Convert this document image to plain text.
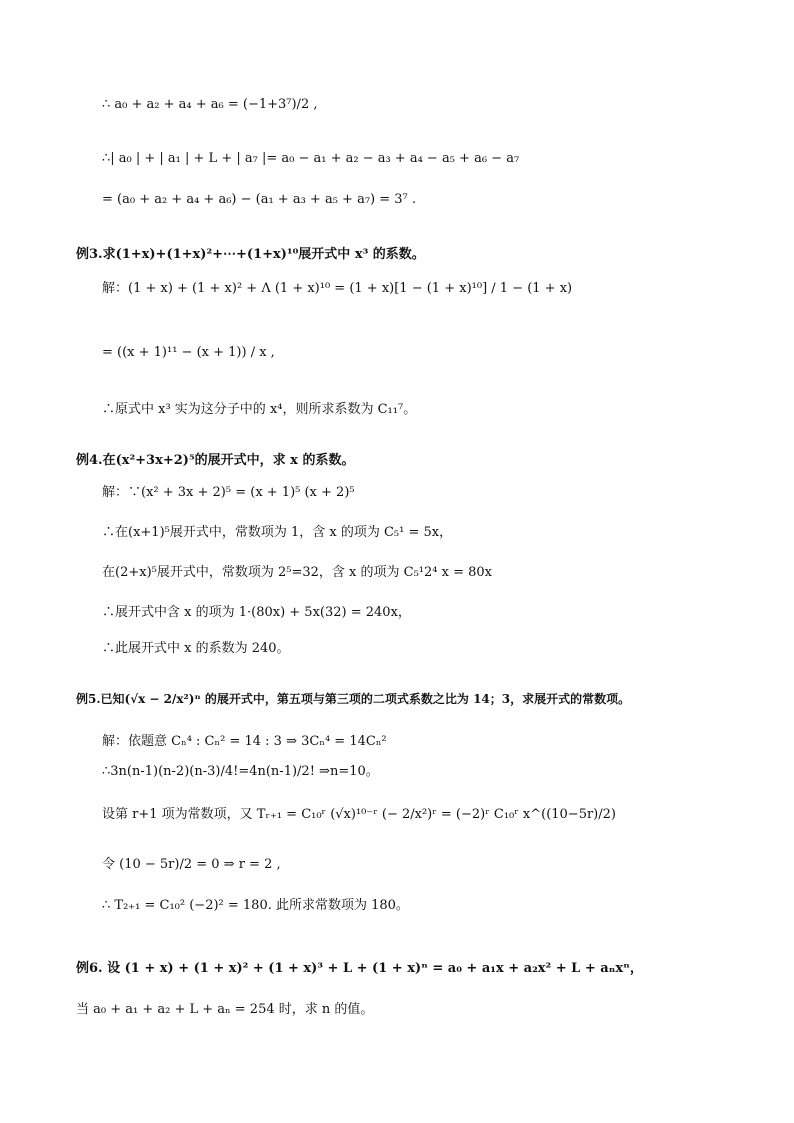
∴ a₀ + a₂ + a₄ + a₆ = (−1+3⁷)/2 ,
∴| a₀ | + | a₁ | + L + | a₇ |= a₀ − a₁ + a₂ − a₃ + a₄ − a₅ + a₆ − a₇
= (a₀ + a₂ + a₄ + a₆) − (a₁ + a₃ + a₅ + a₇) = 3⁷ .
例3.求(1+x)+(1+x)²+⋯+(1+x)¹⁰展开式中 x³ 的系数。
解：(1 + x) + (1 + x)² + Λ (1 + x)¹⁰ = (1 + x)[1 − (1 + x)¹⁰] / 1 − (1 + x)
= ((x + 1)¹¹ − (x + 1)) / x ,
∴原式中 x³ 实为这分子中的 x⁴，则所求系数为 C₁₁⁷。
例4.在(x²+3x+2)⁵的展开式中，求 x 的系数。
解：∵(x² + 3x + 2)⁵ = (x + 1)⁵ (x + 2)⁵
∴在(x+1)⁵展开式中，常数项为 1，含 x 的项为 C₅¹ = 5x，
在(2+x)⁵展开式中，常数项为 2⁵=32，含 x 的项为 C₅¹2⁴ x = 80x
∴展开式中含 x 的项为 1·(80x) + 5x(32) = 240x，
∴此展开式中 x 的系数为 240。
例5.已知(√x − 2/x²)ⁿ 的展开式中，第五项与第三项的二项式系数之比为 14；3，求展开式的常数项。
解：依题意 Cₙ⁴ : Cₙ² = 14 : 3 ⇒ 3Cₙ⁴ = 14Cₙ²
∴3n(n-1)(n-2)(n-3)/4!=4n(n-1)/2! ⇒n=10。
设第 r+1 项为常数项，又 Tᵣ₊₁ = C₁₀ʳ (√x)¹⁰⁻ʳ (− 2/x²)ʳ = (−2)ʳ C₁₀ʳ x^((10−5r)/2)
令 (10 − 5r)/2 = 0 ⇒ r = 2 ,
∴ T₂₊₁ = C₁₀² (−2)² = 180. 此所求常数项为 180。
例6. 设 (1 + x) + (1 + x)² + (1 + x)³ + L + (1 + x)ⁿ = a₀ + a₁x + a₂x² + L + aₙxⁿ，
当 a₀ + a₁ + a₂ + L + aₙ = 254 时，求 n 的值。
